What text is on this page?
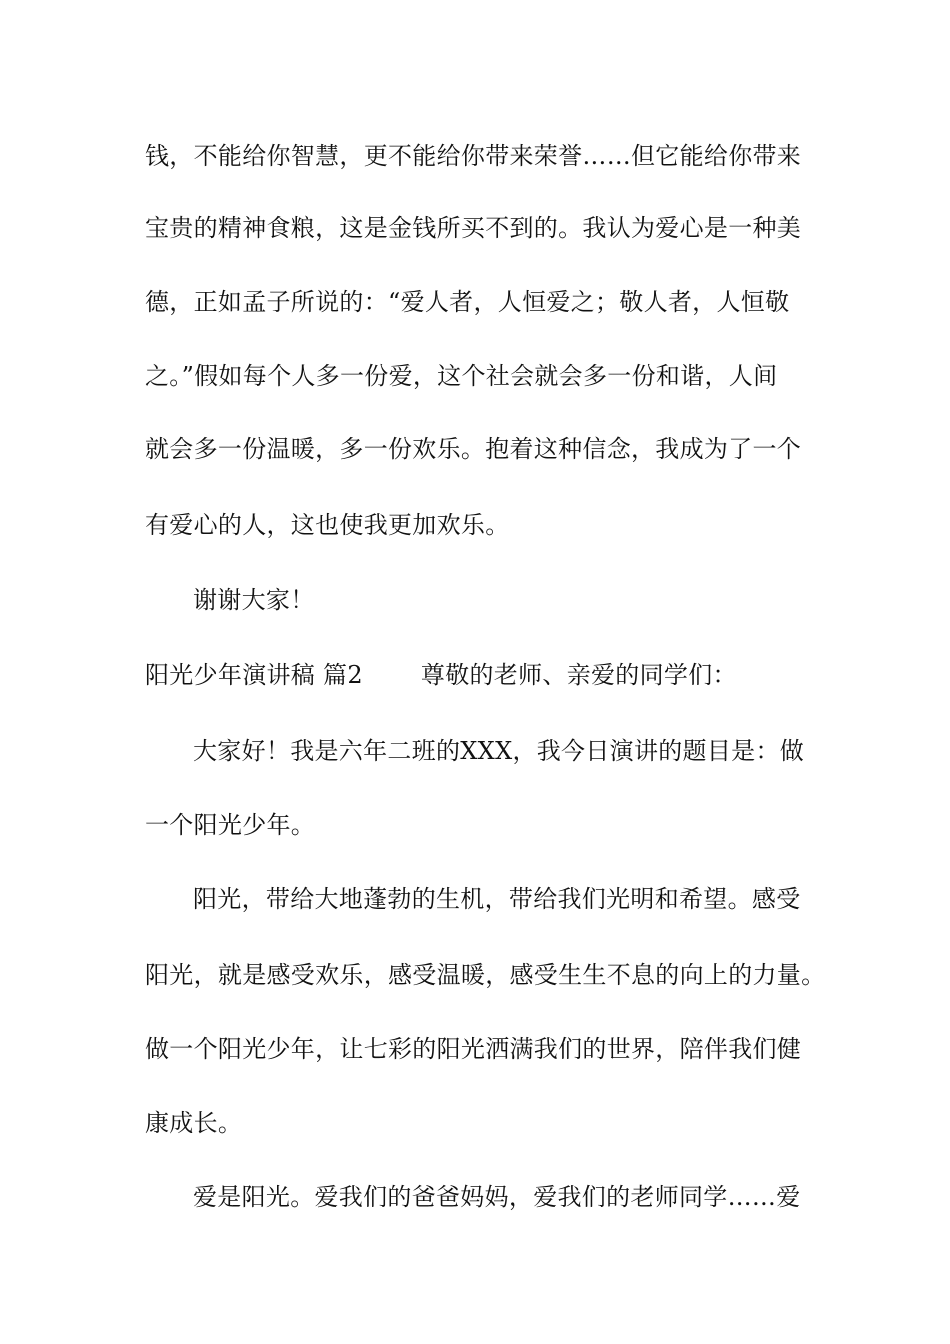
钱，不能给你智慧，更不能给你带来荣誉……但它能给你带来

宝贵的精神食粮，这是金钱所买不到的。我认为爱心是一种美

德，正如孟子所说的：“爱人者，人恒爱之；敬人者，人恒敬

之。”假如每个人多一份爱，这个社会就会多一份和谐，人间

就会多一份温暖，多一份欢乐。抱着这种信念，我成为了一个

有爱心的人，这也使我更加欢乐。

谢谢大家！

阳光少年演讲稿 篇2 尊敬的老师、亲爱的同学们：

大家好！我是六年二班的XXX，我今日演讲的题目是：做

一个阳光少年。

阳光，带给大地蓬勃的生机，带给我们光明和希望。感受

阳光，就是感受欢乐，感受温暖，感受生生不息的向上的力量。

做一个阳光少年，让七彩的阳光洒满我们的世界，陪伴我们健

康成长。

爱是阳光。爱我们的爸爸妈妈，爱我们的老师同学……爱
